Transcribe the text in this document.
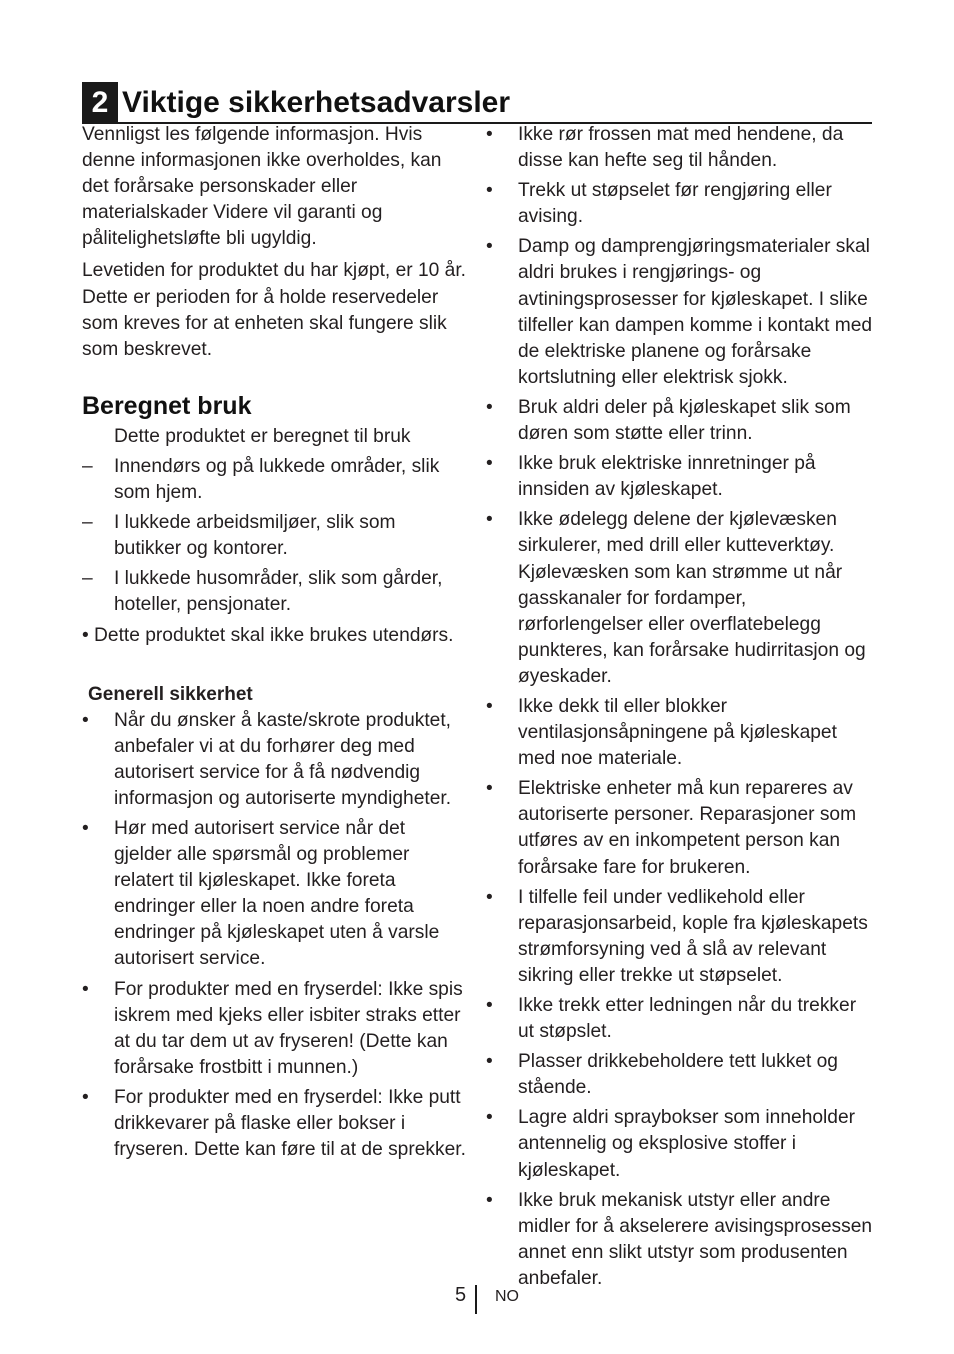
2 Viktige sikkerhetsadvarsler

Vennligst les følgende informasjon. Hvis denne informasjonen ikke overholdes, kan det forårsake personskader eller materialskader Videre vil garanti og pålitelighetsløfte bli ugyldig.

Levetiden for produktet du har kjøpt, er 10 år. Dette er perioden for å holde reservedeler som kreves for at enheten skal fungere slik som beskrevet.

Beregnet bruk
Dette produktet er beregnet til bruk
–	Innendørs og på lukkede områder, slik som hjem.
–	I lukkede arbeidsmiljøer, slik som butikker og kontorer.
–	I lukkede husområder, slik som gårder, hoteller, pensjonater.

• Dette produktet skal ikke brukes utendørs.

Generell sikkerhet
•	Når du ønsker å kaste/skrote produktet, anbefaler vi at du forhører deg med autorisert service for å få nødvendig informasjon og autoriserte myndigheter.
•	Hør med autorisert service når det gjelder alle spørsmål og problemer relatert til kjøleskapet. Ikke foreta endringer eller la noen andre foreta endringer på kjøleskapet uten å varsle autorisert service.
•	For produkter med en fryserdel: Ikke spis iskrem med kjeks eller isbiter straks etter at du tar dem ut av fryseren! (Dette kan forårsake frostbitt i munnen.)
•	For produkter med en fryserdel: Ikke putt drikkevarer på flaske eller bokser i fryseren. Dette kan føre til at de sprekker.
•	Ikke rør frossen mat med hendene, da disse kan hefte seg til hånden.
•	Trekk ut støpselet før rengjøring eller avising.
•	Damp og damprengjøringsmaterialer skal aldri brukes i rengjørings- og avtiningsprosesser for kjøleskapet. I slike tilfeller kan dampen komme i kontakt med de elektriske planene og forårsake kortslutning eller elektrisk sjokk.
•	Bruk aldri deler på kjøleskapet slik som døren som støtte eller trinn.
•	Ikke bruk elektriske innretninger på innsiden av kjøleskapet.
•	Ikke ødelegg delene der kjølevæsken sirkulerer, med drill eller kutteverktøy. Kjølevæsken som kan strømme ut når gasskanaler for fordamper, rørforlengelser eller overflatebelegg punkteres, kan forårsake hudirritasjon og øyeskader.
•	Ikke dekk til eller blokker ventilasjonsåpningene på kjøleskapet med noe materiale.
•	Elektriske enheter må kun repareres av autoriserte personer. Reparasjoner som utføres av en inkompetent person kan forårsake fare for brukeren.
•	I tilfelle feil under vedlikehold eller reparasjonsarbeid, kople fra kjøleskapets strømforsyning ved å slå av relevant sikring eller trekke ut støpselet.
•	Ikke trekk etter ledningen når du trekker ut støpslet.
•	Plasser drikkebeholdere tett lukket og stående.
•	Lagre aldri spraybokser som inneholder antennelig og eksplosive stoffer i kjøleskapet.
•	Ikke bruk mekanisk utstyr eller andre midler for å akselerere avisingsprosessen annet enn slikt utstyr som produsenten anbefaler.
5 NO
